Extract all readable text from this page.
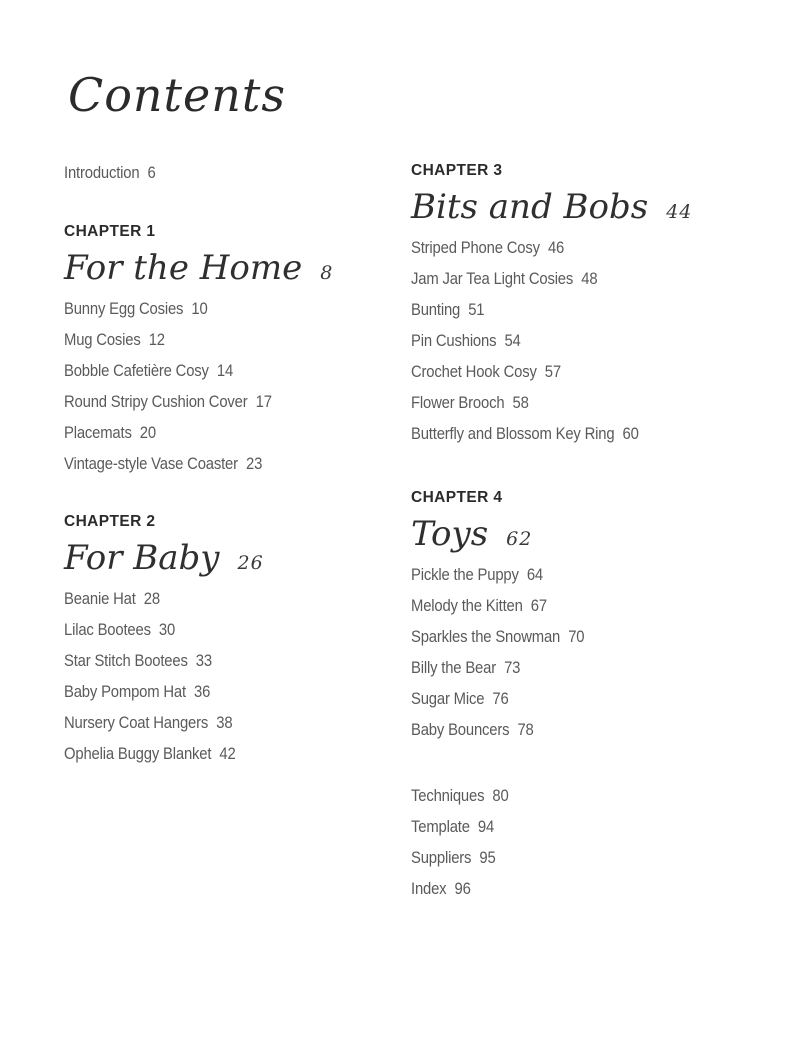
Contents
Introduction 6
CHAPTER 1
For the Home 8
Bunny Egg Cosies 10
Mug Cosies 12
Bobble Cafetière Cosy 14
Round Stripy Cushion Cover 17
Placemats 20
Vintage-style Vase Coaster 23
CHAPTER 2
For Baby 26
Beanie Hat 28
Lilac Bootees 30
Star Stitch Bootees 33
Baby Pompom Hat 36
Nursery Coat Hangers 38
Ophelia Buggy Blanket 42
CHAPTER 3
Bits and Bobs 44
Striped Phone Cosy 46
Jam Jar Tea Light Cosies 48
Bunting 51
Pin Cushions 54
Crochet Hook Cosy 57
Flower Brooch 58
Butterfly and Blossom Key Ring 60
CHAPTER 4
Toys 62
Pickle the Puppy 64
Melody the Kitten 67
Sparkles the Snowman 70
Billy the Bear 73
Sugar Mice 76
Baby Bouncers 78
Techniques 80
Template 94
Suppliers 95
Index 96
